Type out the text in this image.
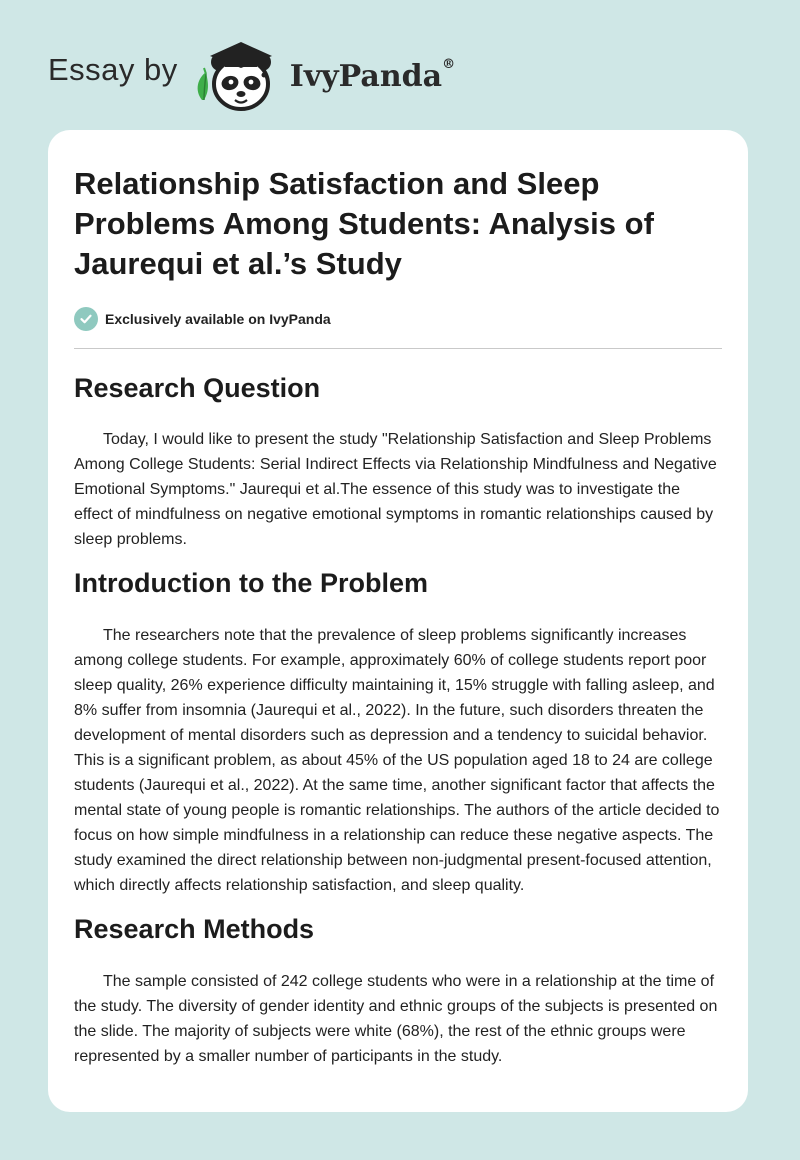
Essay by	IvyPanda®
Relationship Satisfaction and Sleep Problems Among Students: Analysis of Jaurequi et al.’s Study
Exclusively available on IvyPanda
Research Question

Today, I would like to present the study "Relationship Satisfaction and Sleep Problems Among College Students: Serial Indirect Effects via Relationship Mindfulness and Negative Emotional Symptoms." Jaurequi et al.The essence of this study was to investigate the effect of mindfulness on negative emotional symptoms in romantic relationships caused by sleep problems.

Introduction to the Problem

The researchers note that the prevalence of sleep problems significantly increases among college students. For example, approximately 60% of college students report poor sleep quality, 26% experience difficulty maintaining it, 15% struggle with falling asleep, and 8% suffer from insomnia (Jaurequi et al., 2022). In the future, such disorders threaten the development of mental disorders such as depression and a tendency to suicidal behavior. This is a significant problem, as about 45% of the US population aged 18 to 24 are college students (Jaurequi et al., 2022). At the same time, another significant factor that affects the mental state of young people is romantic relationships. The authors of the article decided to focus on how simple mindfulness in a relationship can reduce these negative aspects. The study examined the direct relationship between non-judgmental present-focused attention, which directly affects relationship satisfaction, and sleep quality.

Research Methods

The sample consisted of 242 college students who were in a relationship at the time of the study. The diversity of gender identity and ethnic groups of the subjects is presented on the slide. The majority of subjects were white (68%), the rest of the ethnic groups were represented by a smaller number of participants in the study.
